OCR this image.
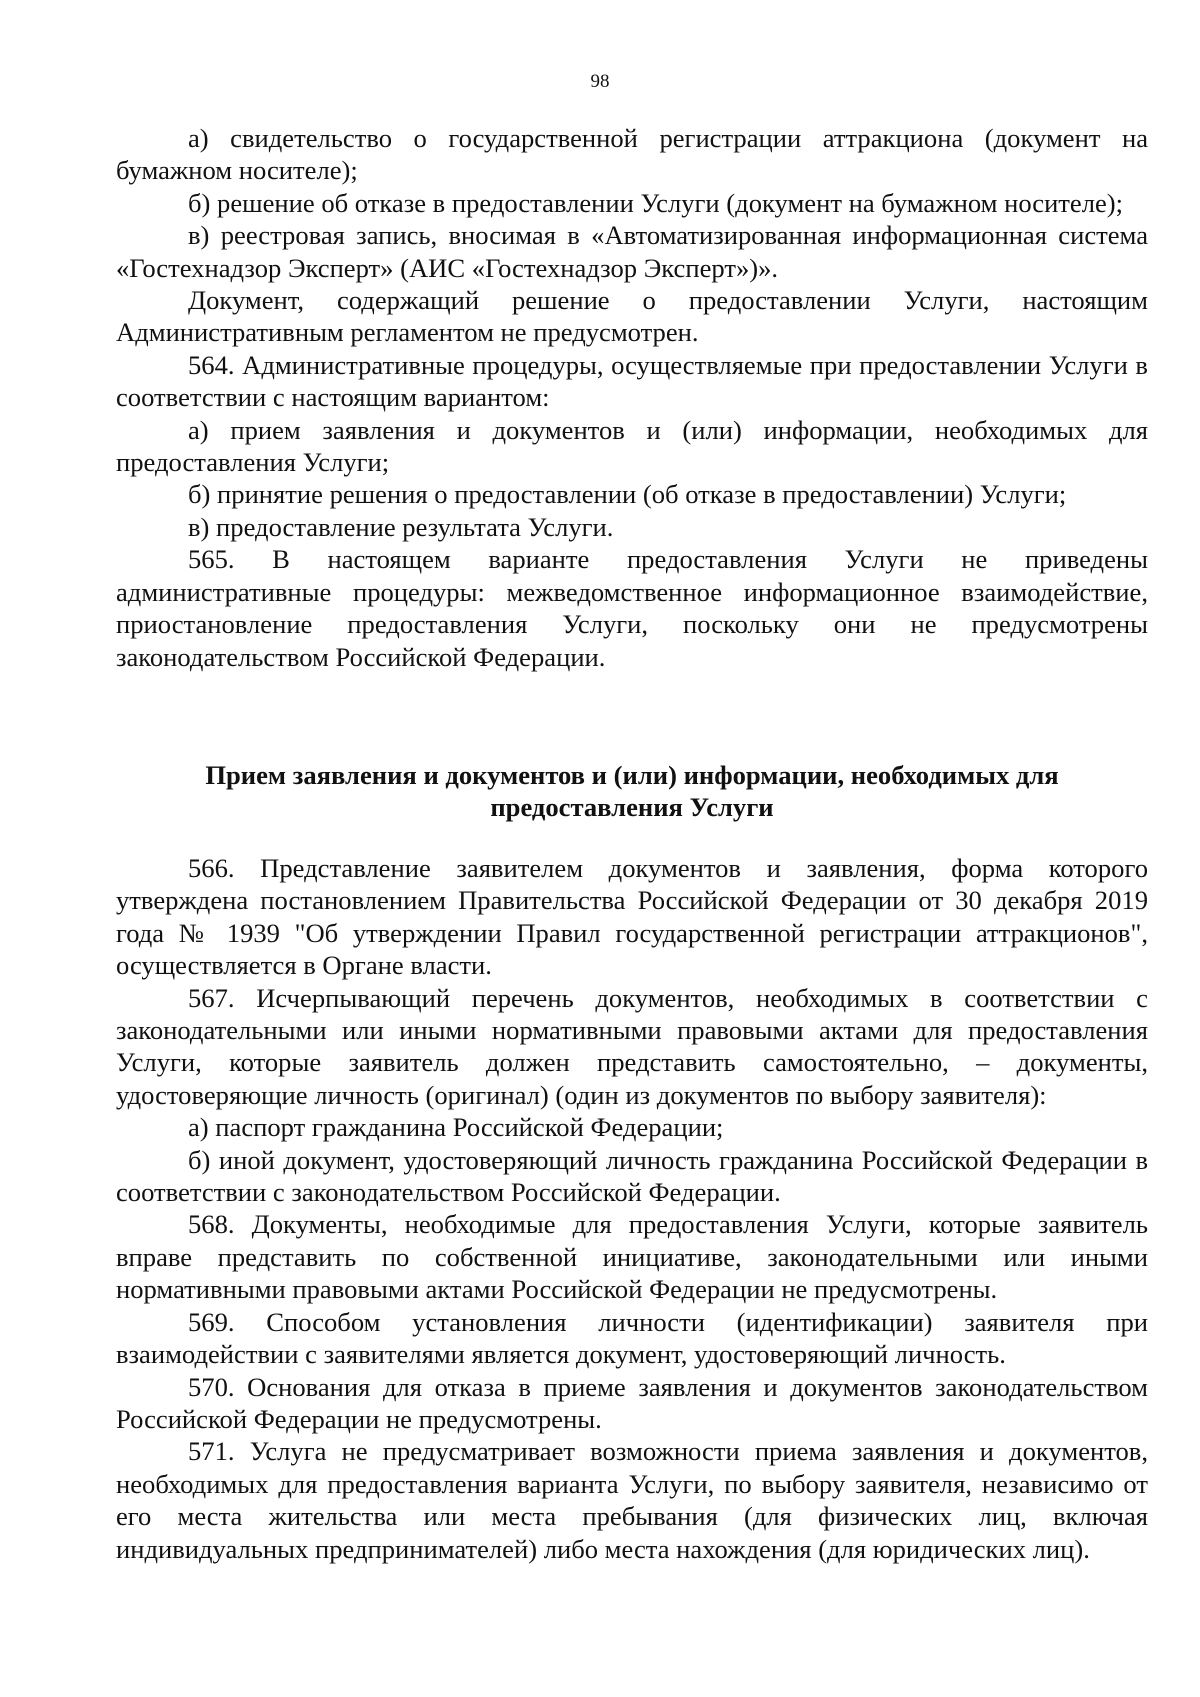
98

а) свидетельство о государственной регистрации аттракциона (документ на бумажном носителе);

б) решение об отказе в предоставлении Услуги (документ на бумажном носителе);

в) реестровая запись, вносимая в «Автоматизированная информационная система «Гостехнадзор Эксперт» (АИС «Гостехнадзор Эксперт»)».

Документ, содержащий решение о предоставлении Услуги, настоящим Административным регламентом не предусмотрен.

564. Административные процедуры, осуществляемые при предоставлении Услуги в соответствии с настоящим вариантом:

а) прием заявления и документов и (или) информации, необходимых для предоставления Услуги;

б) принятие решения о предоставлении (об отказе в предоставлении) Услуги;

в) предоставление результата Услуги.

565. В настоящем варианте предоставления Услуги не приведены административные процедуры: межведомственное информационное взаимодействие, приостановление предоставления Услуги, поскольку они не предусмотрены законодательством Российской Федерации.

Прием заявления и документов и (или) информации, необходимых для предоставления Услуги

566. Представление заявителем документов и заявления, форма которого утверждена постановлением Правительства Российской Федерации от 30 декабря 2019 года № 1939 "Об утверждении Правил государственной регистрации аттракционов", осуществляется в Органе власти.

567. Исчерпывающий перечень документов, необходимых в соответствии с законодательными или иными нормативными правовыми актами для предоставления Услуги, которые заявитель должен представить самостоятельно, – документы, удостоверяющие личность (оригинал) (один из документов по выбору заявителя):

а) паспорт гражданина Российской Федерации;

б) иной документ, удостоверяющий личность гражданина Российской Федерации в соответствии с законодательством Российской Федерации.

568. Документы, необходимые для предоставления Услуги, которые заявитель вправе представить по собственной инициативе, законодательными или иными нормативными правовыми актами Российской Федерации не предусмотрены.

569. Способом установления личности (идентификации) заявителя при взаимодействии с заявителями является документ, удостоверяющий личность.

570. Основания для отказа в приеме заявления и документов законодательством Российской Федерации не предусмотрены.

571. Услуга не предусматривает возможности приема заявления и документов, необходимых для предоставления варианта Услуги, по выбору заявителя, независимо от его места жительства или места пребывания (для физических лиц, включая индивидуальных предпринимателей) либо места нахождения (для юридических лиц).
